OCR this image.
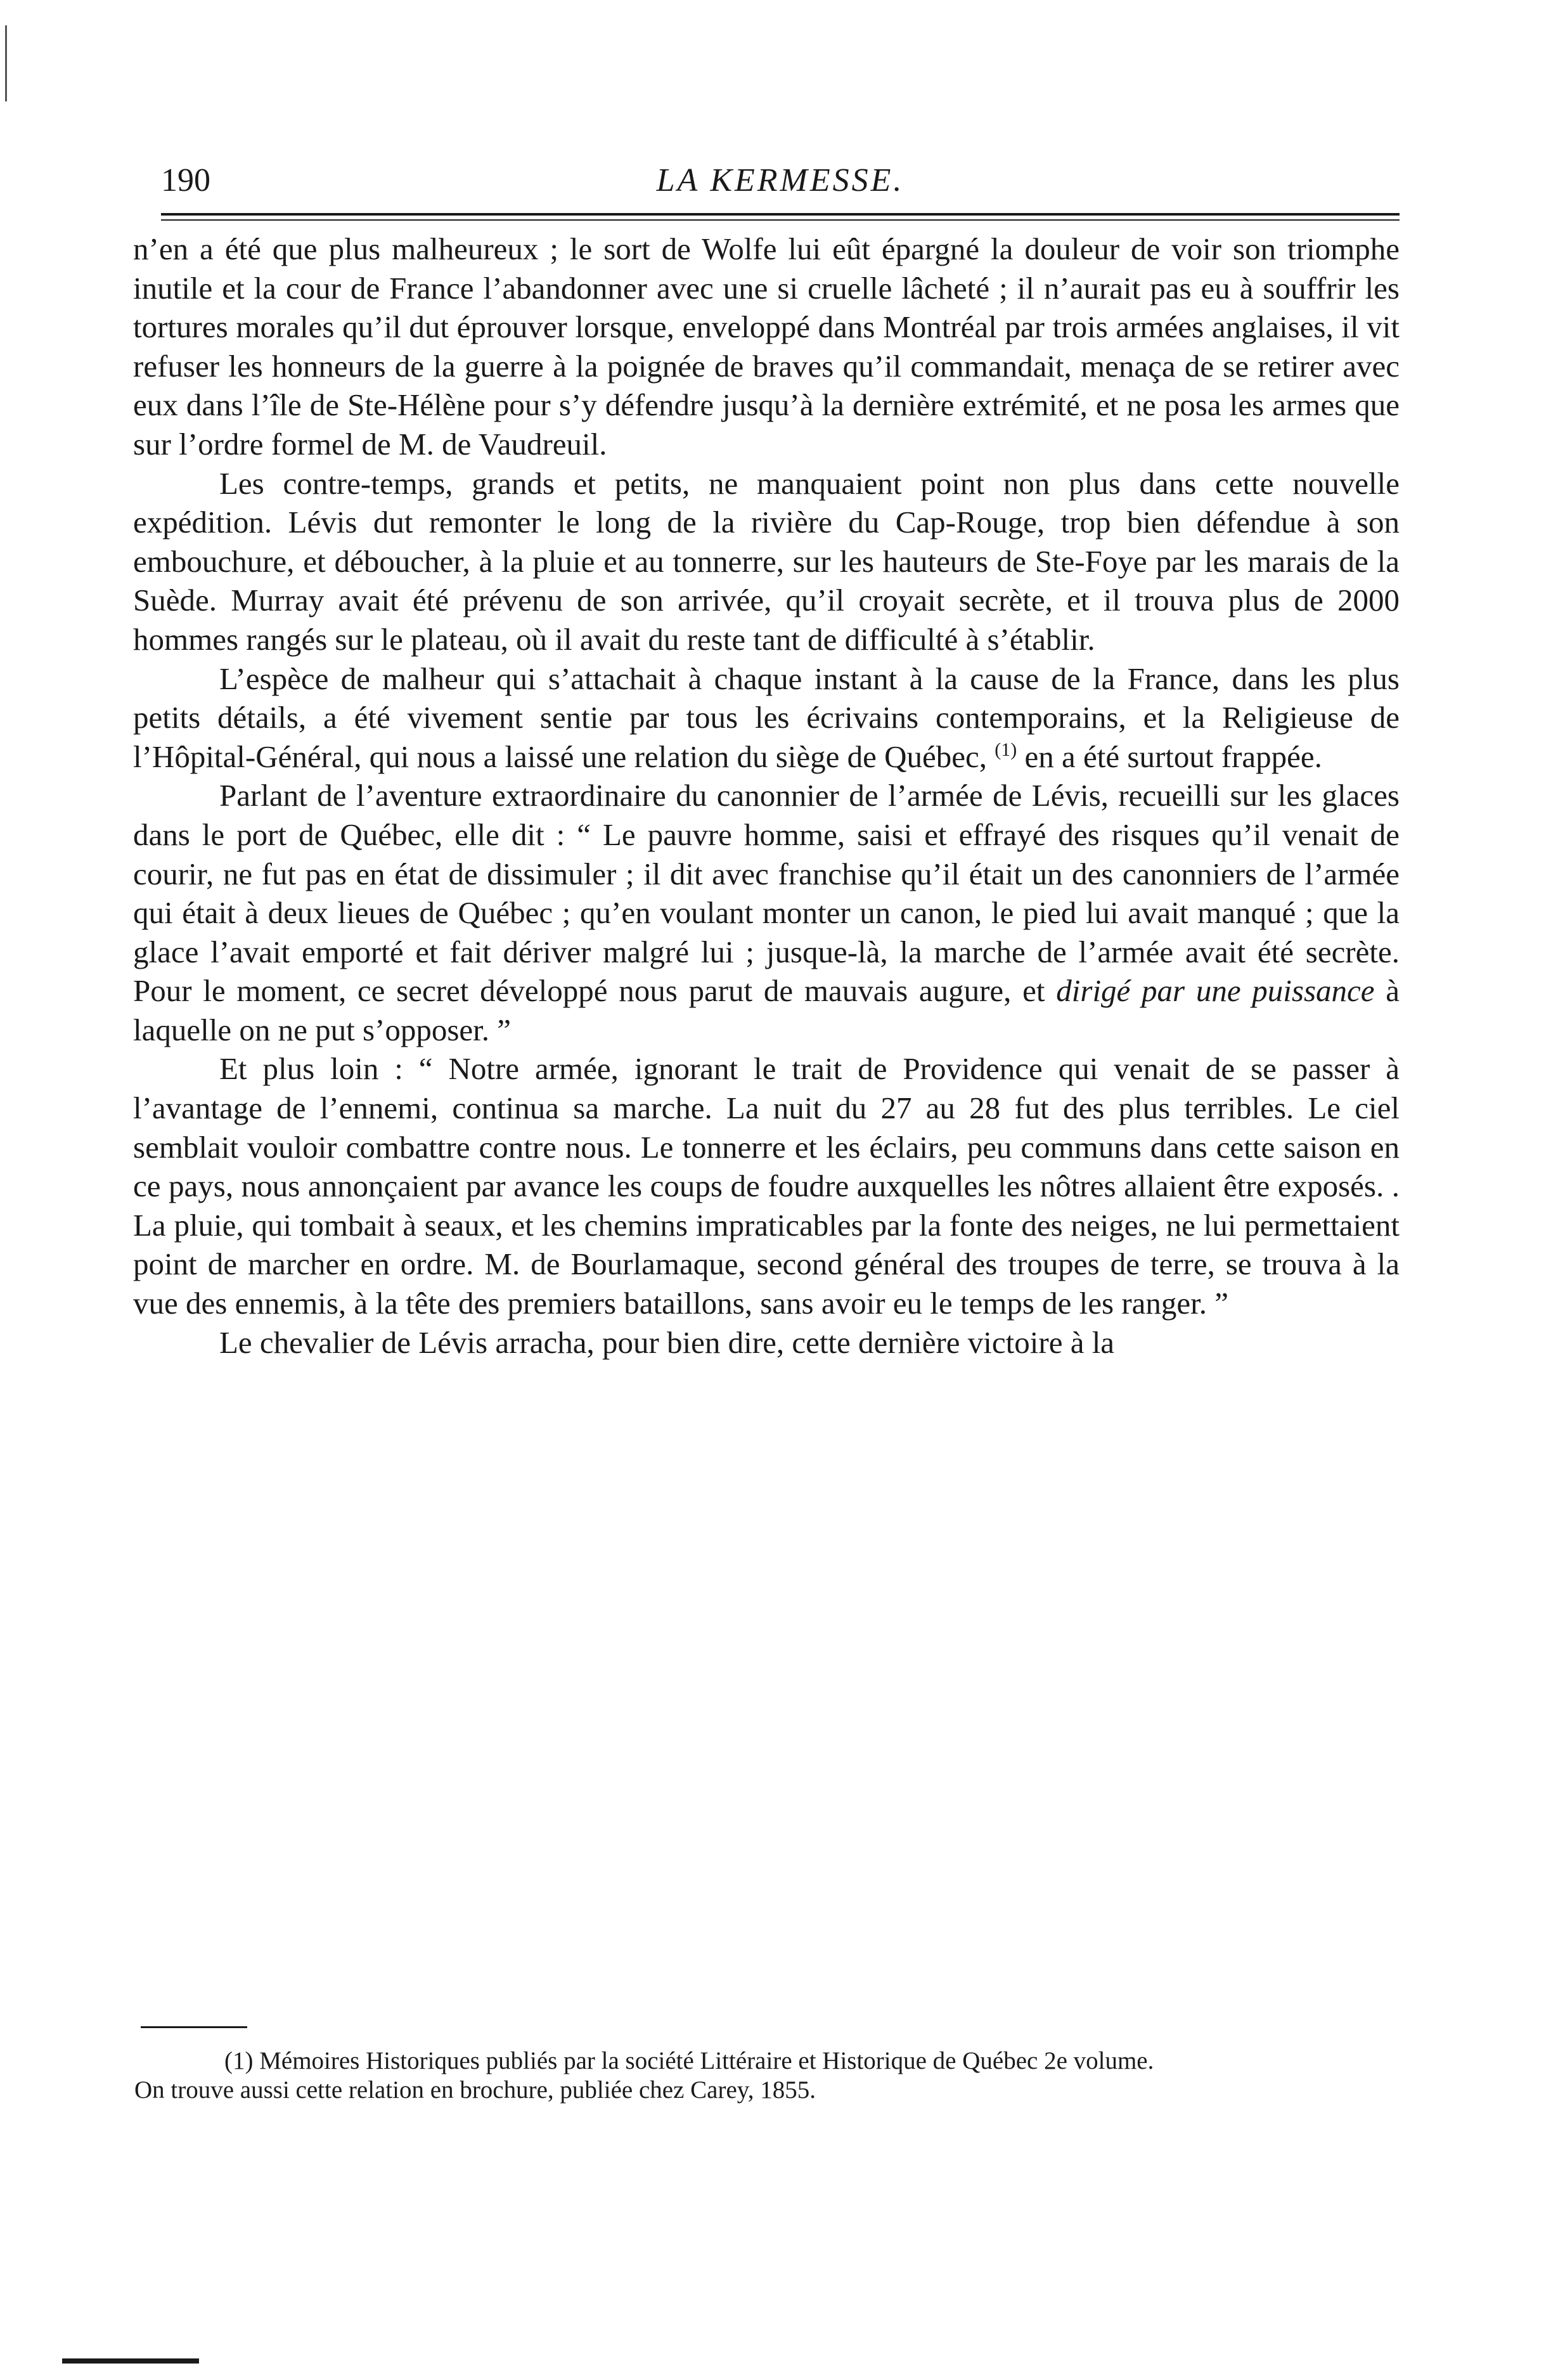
LA KERMESSE.
190

n’en a été que plus malheureux ; le sort de Wolfe lui eût épargné la douleur de voir son triomphe inutile et la cour de France l’abandonner avec une si cruelle lâcheté ; il n’aurait pas eu à souffrir les tortures morales qu’il dut éprouver lorsque, enveloppé dans Montréal par trois armées anglaises, il vit refuser les honneurs de la guerre à la poignée de braves qu’il commandait, menaça de se retirer avec eux dans l’île de Ste-Hélène pour s’y défendre jusqu’à la dernière extrémité, et ne posa les armes que sur l’ordre formel de M. de Vaudreuil.

Les contre-temps, grands et petits, ne manquaient point non plus dans cette nouvelle expédition. Lévis dut remonter le long de la rivière du Cap-Rouge, trop bien défendue à son embouchure, et déboucher, à la pluie et au tonnerre, sur les hauteurs de Ste-Foye par les marais de la Suède. Murray avait été prévenu de son arrivée, qu’il croyait secrète, et il trouva plus de 2000 hommes rangés sur le plateau, où il avait du reste tant de difficulté à s’établir.

L’espèce de malheur qui s’attachait à chaque instant à la cause de la France, dans les plus petits détails, a été vivement sentie par tous les écrivains contemporains, et la Religieuse de l’Hôpital-Général, qui nous a laissé une relation du siège de Québec, $^{(1)}$ en a été surtout frappée.

Parlant de l’aventure extraordinaire du canonnier de l’armée de Lévis, recueilli sur les glaces dans le port de Québec, elle dit : “ Le pauvre homme, saisi et effrayé des risques qu’il venait de courir, ne fut pas en état de dissimuler ; il dit avec franchise qu’il était un des canonniers de l’armée qui était à deux lieues de Québec ; qu’en voulant monter un canon, le pied lui avait manqué ; que la glace l’avait emporté et fait dériver malgré lui ; jusque-là, la marche de l’armée avait été secrète. Pour le moment, ce secret développé nous parut de mauvais augure, et dirigé par une puissance à laquelle on ne put s’opposer. ”

Et plus loin : “ Notre armée, ignorant le trait de Providence qui venait de se passer à l’avantage de l’ennemi, continua sa marche. La nuit du 27 au 28 fut des plus terribles. Le ciel semblait vouloir combattre contre nous. Le tonnerre et les éclairs, peu communs dans cette saison en ce pays, nous annonçaient par avance les coups de foudre auxquelles les nôtres allaient être exposés. . La pluie, qui tombait à seaux, et les chemins impraticables par la fonte des neiges, ne lui permettaient point de marcher en ordre. M. de Bourlamaque, second général des troupes de terre, se trouva à la vue des ennemis, à la tête des premiers bataillons, sans avoir eu le temps de les ranger. ”

Le chevalier de Lévis arracha, pour bien dire, cette dernière victoire à la

(1) Mémoires Historiques publiés par la société Littéraire et Historique de Québec 2e volume.

On trouve aussi cette relation en brochure, publiée chez Carey, 1855.
